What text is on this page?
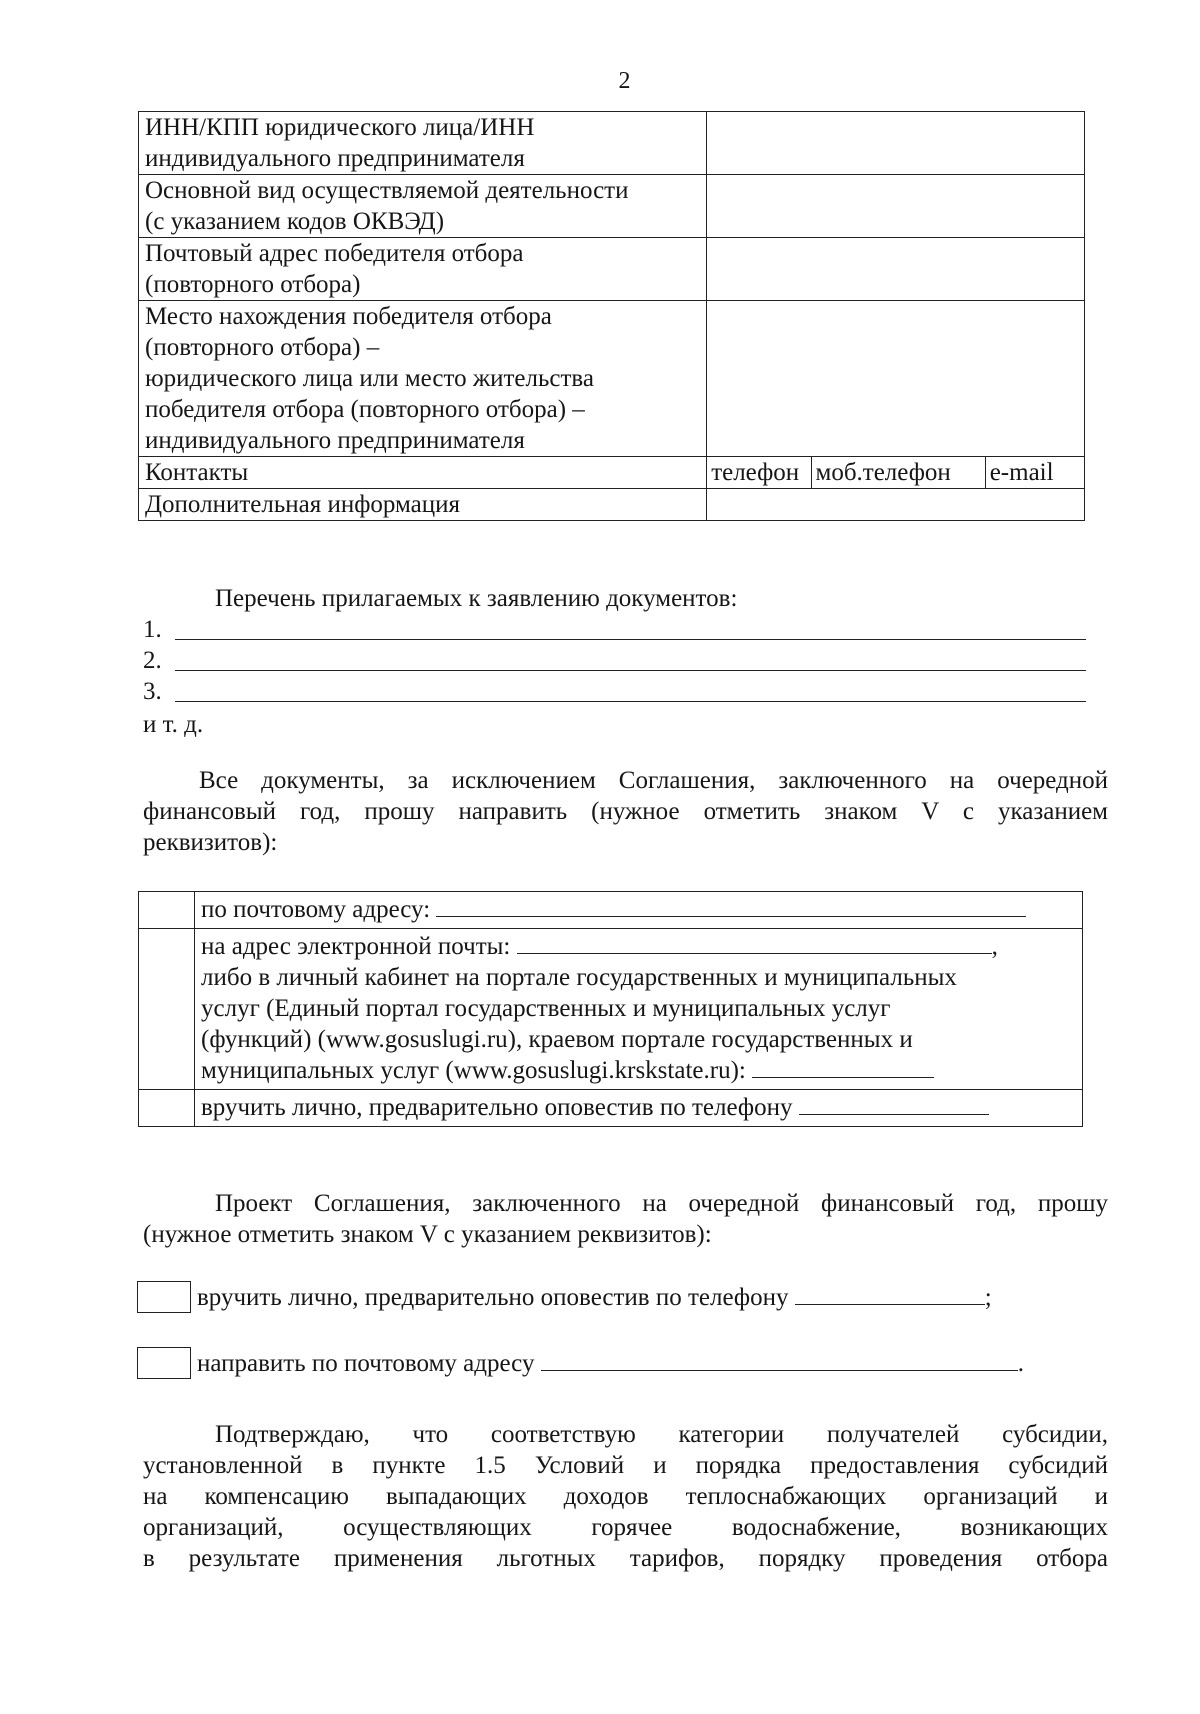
2
ИНН/КПП юридического лица/ИНН
индивидуального предпринимателя			

Основной вид осуществляемой деятельности
(с указанием кодов ОКВЭД)			

Почтовый адрес победителя отбора
(повторного отбора)			

Место нахождения победителя отбора
(повторного отбора) –
юридического лица или место жительства
победителя отбора (повторного отбора) –
индивидуального предпринимателя			

Контакты	телефон	моб.телефон	e-mail
Дополнительная информация			
Перечень прилагаемых к заявлению документов:
1.
2.
3.
и т. д.
Все документы, за исключением Соглашения, заключенного на очередной
финансовый год, прошу направить (нужное отметить знаком V с указанием
реквизитов):
	по почтовому адресу:

	на адрес электронной почты: ,
либо в личный кабинет на портале государственных и муниципальных
услуг (Единый портал государственных и муниципальных услуг
(функций) (www.gosuslugi.ru), краевом портале государственных и
муниципальных услуг (www.gosuslugi.krskstate.ru):

	вручить лично, предварительно оповестив по телефону
Проект Соглашения, заключенного на очередной финансовый год, прошу
(нужное отметить знаком V с указанием реквизитов):
вручить лично, предварительно оповестив по телефону	;
направить по почтовому адресу	.
Подтверждаю, что соответствую категории получателей субсидии,
установленной в пункте 1.5 Условий и порядка предоставления субсидий
на компенсацию выпадающих доходов теплоснабжающих организаций и
организаций, осуществляющих горячее водоснабжение, возникающих
в результате применения льготных тарифов, порядку проведения отбора
